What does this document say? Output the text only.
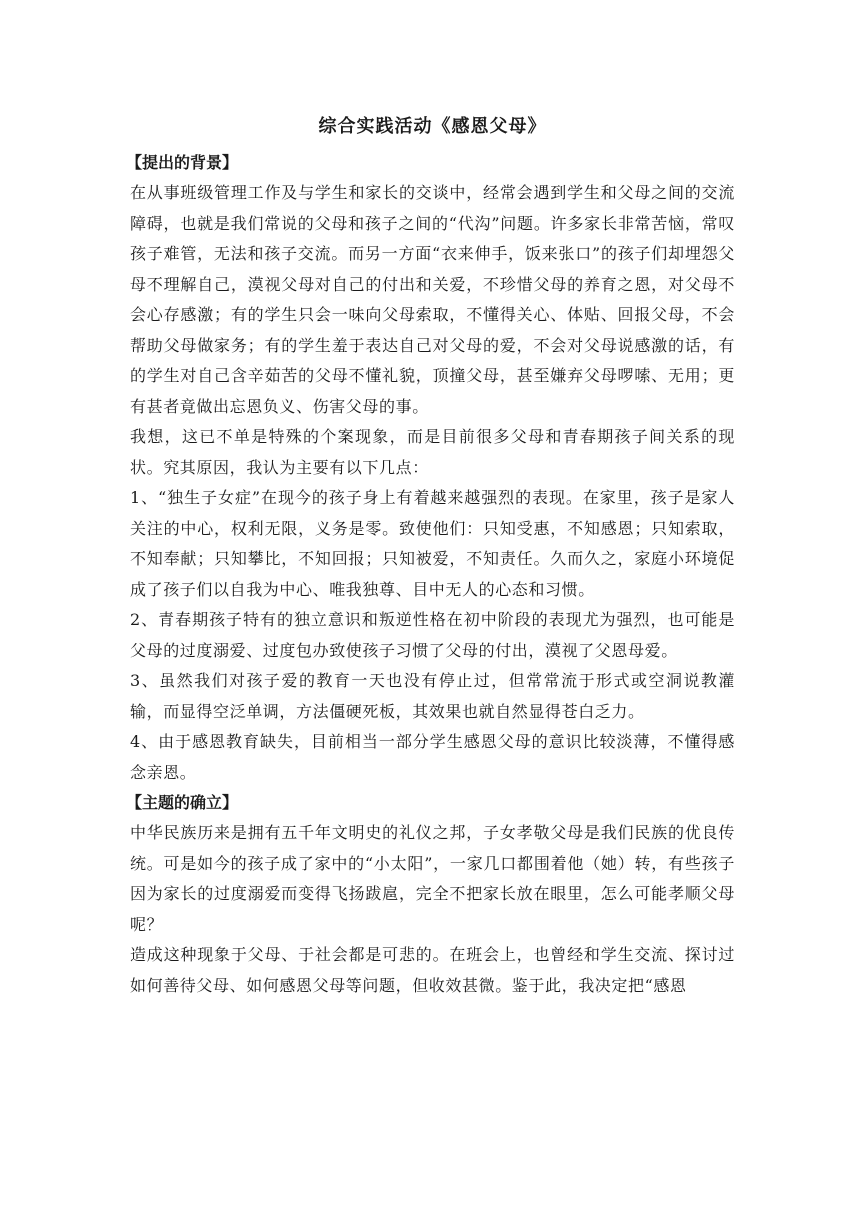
综合实践活动《感恩父母》
【提出的背景】

在从事班级管理工作及与学生和家长的交谈中，经常会遇到学生和父母之间的交流障碍，也就是我们常说的父母和孩子之间的“代沟”问题。许多家长非常苦恼，常叹孩子难管，无法和孩子交流。而另一方面“衣来伸手，饭来张口”的孩子们却埋怨父母不理解自己，漠视父母对自己的付出和关爱，不珍惜父母的养育之恩，对父母不会心存感激；有的学生只会一味向父母索取，不懂得关心、体贴、回报父母，不会帮助父母做家务；有的学生羞于表达自己对父母的爱，不会对父母说感激的话，有的学生对自己含辛茹苦的父母不懂礼貌，顶撞父母，甚至嫌弃父母啰嗦、无用；更有甚者竟做出忘恩负义、伤害父母的事。

我想，这已不单是特殊的个案现象，而是目前很多父母和青春期孩子间关系的现状。究其原因，我认为主要有以下几点：

1、“独生子女症”在现今的孩子身上有着越来越强烈的表现。在家里，孩子是家人关注的中心，权利无限，义务是零。致使他们：只知受惠，不知感恩；只知索取，不知奉献；只知攀比，不知回报；只知被爱，不知责任。久而久之，家庭小环境促成了孩子们以自我为中心、唯我独尊、目中无人的心态和习惯。

2、青春期孩子特有的独立意识和叛逆性格在初中阶段的表现尤为强烈，也可能是父母的过度溺爱、过度包办致使孩子习惯了父母的付出，漠视了父恩母爱。

3、虽然我们对孩子爱的教育一天也没有停止过，但常常流于形式或空洞说教灌输，而显得空泛单调，方法僵硬死板，其效果也就自然显得苍白乏力。

4、由于感恩教育缺失，目前相当一部分学生感恩父母的意识比较淡薄，不懂得感念亲恩。

【主题的确立】

中华民族历来是拥有五千年文明史的礼仪之邦，子女孝敬父母是我们民族的优良传统。可是如今的孩子成了家中的“小太阳”，一家几口都围着他（她）转，有些孩子因为家长的过度溺爱而变得飞扬跋扈，完全不把家长放在眼里，怎么可能孝顺父母呢？

造成这种现象于父母、于社会都是可悲的。在班会上，也曾经和学生交流、探讨过如何善待父母、如何感恩父母等问题，但收效甚微。鉴于此，我决定把“感恩
